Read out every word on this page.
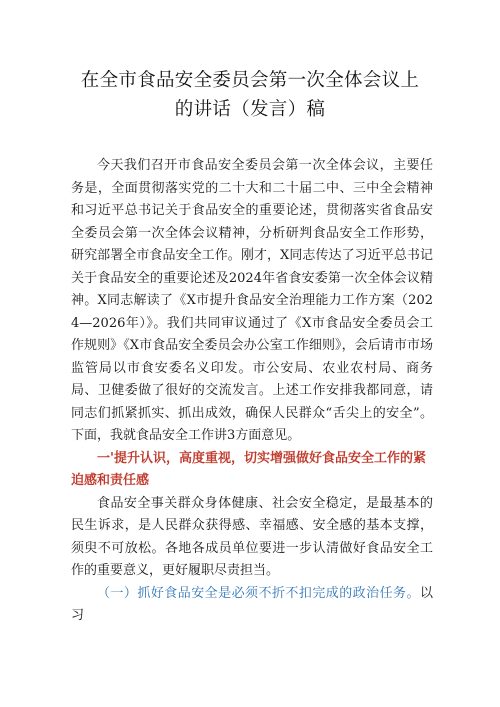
在全市食品安全委员会第一次全体会议上
的讲话（发言）稿

今天我们召开市食品安全委员会第一次全体会议，主要任务是，全面贯彻落实党的二十大和二十届二中、三中全会精神和习近平总书记关于食品安全的重要论述，贯彻落实省食品安全委员会第一次全体会议精神，分析研判食品安全工作形势，研究部署全市食品安全工作。刚才，X同志传达了习近平总书记关于食品安全的重要论述及2024年省食安委第一次全体会议精神。X同志解读了《X市提升食品安全治理能力工作方案（2024—2026年）》。我们共同审议通过了《X市食品安全委员会工作规则》《X市食品安全委员会办公室工作细则》，会后请市市场监管局以市食安委名义印发。市公安局、农业农村局、商务局、卫健委做了很好的交流发言。上述工作安排我都同意，请同志们抓紧抓实、抓出成效，确保人民群众“舌尖上的安全”。下面，我就食品安全工作讲3方面意见。

一'提升认识，高度重视，切实增强做好食品安全工作的紧迫感和责任感

食品安全事关群众身体健康、社会安全稳定，是最基本的民生诉求，是人民群众获得感、幸福感、安全感的基本支撑，须臾不可放松。各地各成员单位要进一步认清做好食品安全工作的重要意义，更好履职尽责担当。

（一）抓好食品安全是必须不折不扣完成的政治任务。以习
